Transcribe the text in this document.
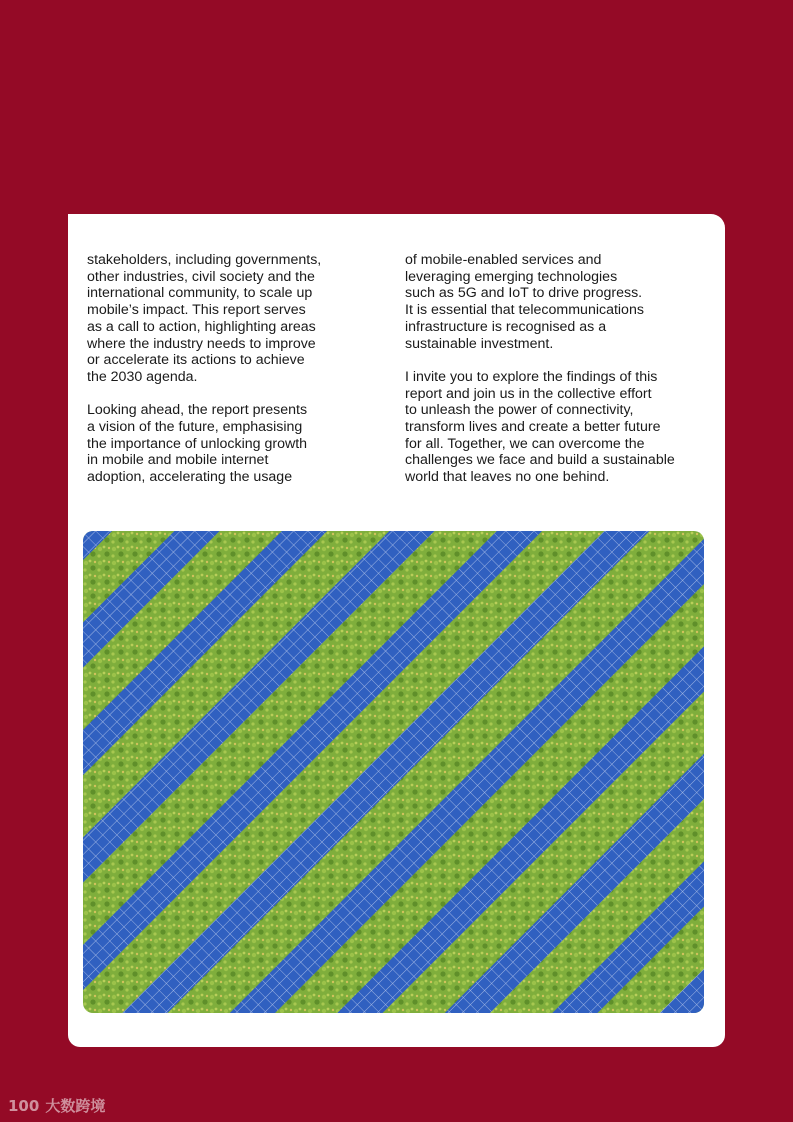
stakeholders, including governments,
other industries, civil society and the
international community, to scale up
mobile’s impact. This report serves
as a call to action, highlighting areas
where the industry needs to improve
or accelerate its actions to achieve
the 2030 agenda.

Looking ahead, the report presents
a vision of the future, emphasising
the importance of unlocking growth
in mobile and mobile internet
adoption, accelerating the usage

of mobile-enabled services and
leveraging emerging technologies
such as 5G and IoT to drive progress.
It is essential that telecommunications
infrastructure is recognised as a
sustainable investment.

I invite you to explore the findings of this
report and join us in the collective effort
to unleash the power of connectivity,
transform lives and create a better future
for all. Together, we can overcome the
challenges we face and build a sustainable
world that leaves no one behind.

100 大数跨境
